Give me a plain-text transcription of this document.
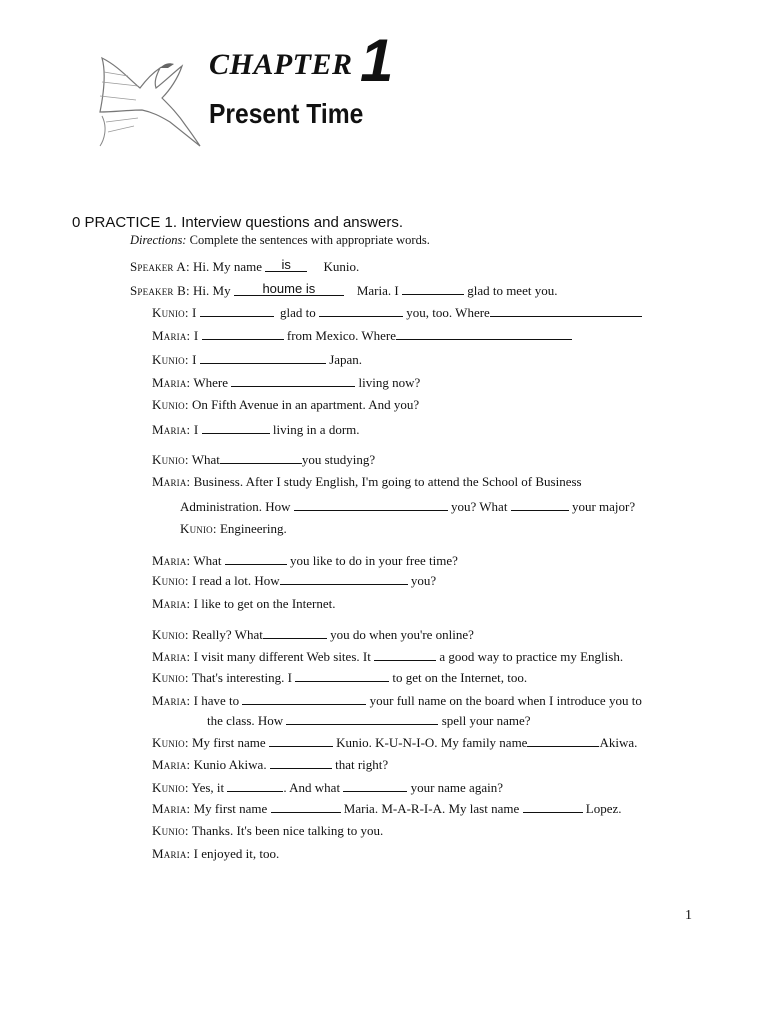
CHAPTER 1
Present Time
0 PRACTICE 1. Interview questions and answers.
Directions: Complete the sentences with appropriate words.
Speaker A: Hi. My name is	Kunio.
Speaker B: Hi. My houme is	Maria. I	glad to meet you.
Kunio: I	glad to	you, too. Where
Maria: I	from Mexico. Where
Kunio: I	Japan.
Maria: Where	living now?
Kunio: On Fifth Avenue in an apartment. And you?
Maria: I	living in a dorm.
Kunio: What	you studying?
Maria: Business. After I study English, I'm going to attend the School of Business
Administration. How	you? What	your major?
Kunio: Engineering.
Maria: What	you like to do in your free time?
Kunio: I read a lot. How	you?
Maria: I like to get on the Internet.
Kunio: Really? What	you do when you're online?
Maria: I visit many different Web sites. It	a good way to practice my English.
Kunio: That's interesting. I	to get on the Internet, too.
Maria: I have to	your full name on the board when I introduce you to
the class. How	spell your name?
Kunio: My first name	Kunio. K-U-N-I-O. My family name	Akiwa.
Maria: Kunio Akiwa.	that right?
Kunio: Yes, it	. And what	your name again?
Maria: My first name	Maria. M-A-R-I-A. My last name	Lopez.
Kunio: Thanks. It's been nice talking to you.
Maria: I enjoyed it, too.
1
